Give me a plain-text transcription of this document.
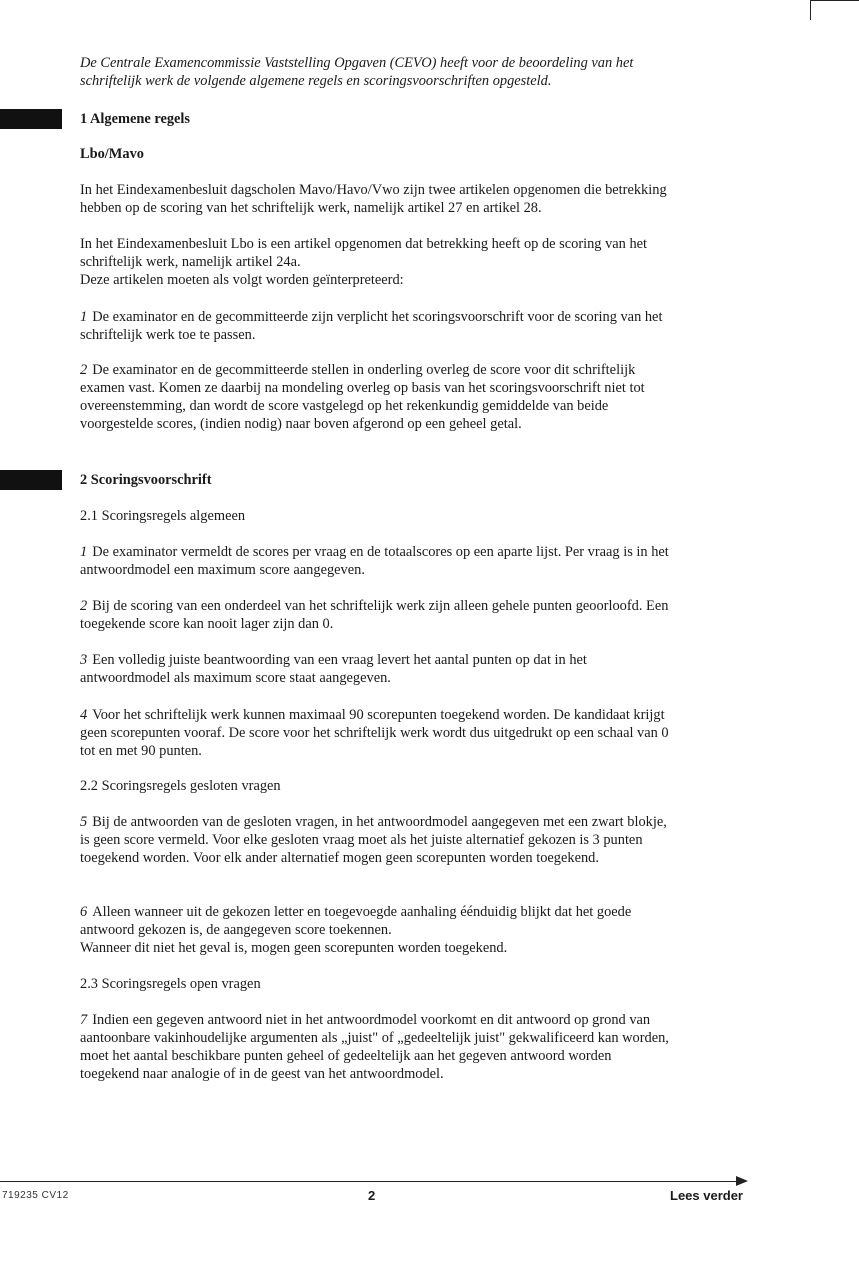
De Centrale Examencommissie Vaststelling Opgaven (CEVO) heeft voor de beoordeling van het schriftelijk werk de volgende algemene regels en scoringsvoorschriften opgesteld.

1 Algemene regels

Lbo/Mavo

In het Eindexamenbesluit dagscholen Mavo/Havo/Vwo zijn twee artikelen opgenomen die betrekking hebben op de scoring van het schriftelijk werk, namelijk artikel 27 en artikel 28.

In het Eindexamenbesluit Lbo is een artikel opgenomen dat betrekking heeft op de scoring van het schriftelijk werk, namelijk artikel 24a.

Deze artikelen moeten als volgt worden geïnterpreteerd:

1 De examinator en de gecommitteerde zijn verplicht het scoringsvoorschrift voor de scoring van het schriftelijk werk toe te passen.

2 De examinator en de gecommitteerde stellen in onderling overleg de score voor dit schriftelijk examen vast. Komen ze daarbij na mondeling overleg op basis van het scoringsvoorschrift niet tot overeenstemming, dan wordt de score vastgelegd op het rekenkundig gemiddelde van beide voorgestelde scores, (indien nodig) naar boven afgerond op een geheel getal.

2 Scoringsvoorschrift

2.1 Scoringsregels algemeen

1 De examinator vermeldt de scores per vraag en de totaalscores op een aparte lijst. Per vraag is in het antwoordmodel een maximum score aangegeven.

2 Bij de scoring van een onderdeel van het schriftelijk werk zijn alleen gehele punten geoorloofd. Een toegekende score kan nooit lager zijn dan 0.

3 Een volledig juiste beantwoording van een vraag levert het aantal punten op dat in het antwoordmodel als maximum score staat aangegeven.

4 Voor het schriftelijk werk kunnen maximaal 90 scorepunten toegekend worden. De kandidaat krijgt geen scorepunten vooraf. De score voor het schriftelijk werk wordt dus uitgedrukt op een schaal van 0 tot en met 90 punten.

2.2 Scoringsregels gesloten vragen

5 Bij de antwoorden van de gesloten vragen, in het antwoordmodel aangegeven met een zwart blokje, is geen score vermeld. Voor elke gesloten vraag moet als het juiste alternatief gekozen is 3 punten toegekend worden. Voor elk ander alternatief mogen geen scorepunten worden toegekend.

6 Alleen wanneer uit de gekozen letter en toegevoegde aanhaling éénduidig blijkt dat het goede antwoord gekozen is, de aangegeven score toekennen.

Wanneer dit niet het geval is, mogen geen scorepunten worden toegekend.

2.3 Scoringsregels open vragen

7 Indien een gegeven antwoord niet in het antwoordmodel voorkomt en dit antwoord op grond van aantoonbare vakinhoudelijke argumenten als „juist" of „gedeeltelijk juist" gekwalificeerd kan worden, moet het aantal beschikbare punten geheel of gedeeltelijk aan het gegeven antwoord worden toegekend naar analogie of in de geest van het antwoordmodel.

719235 CV12	2	Lees verder
